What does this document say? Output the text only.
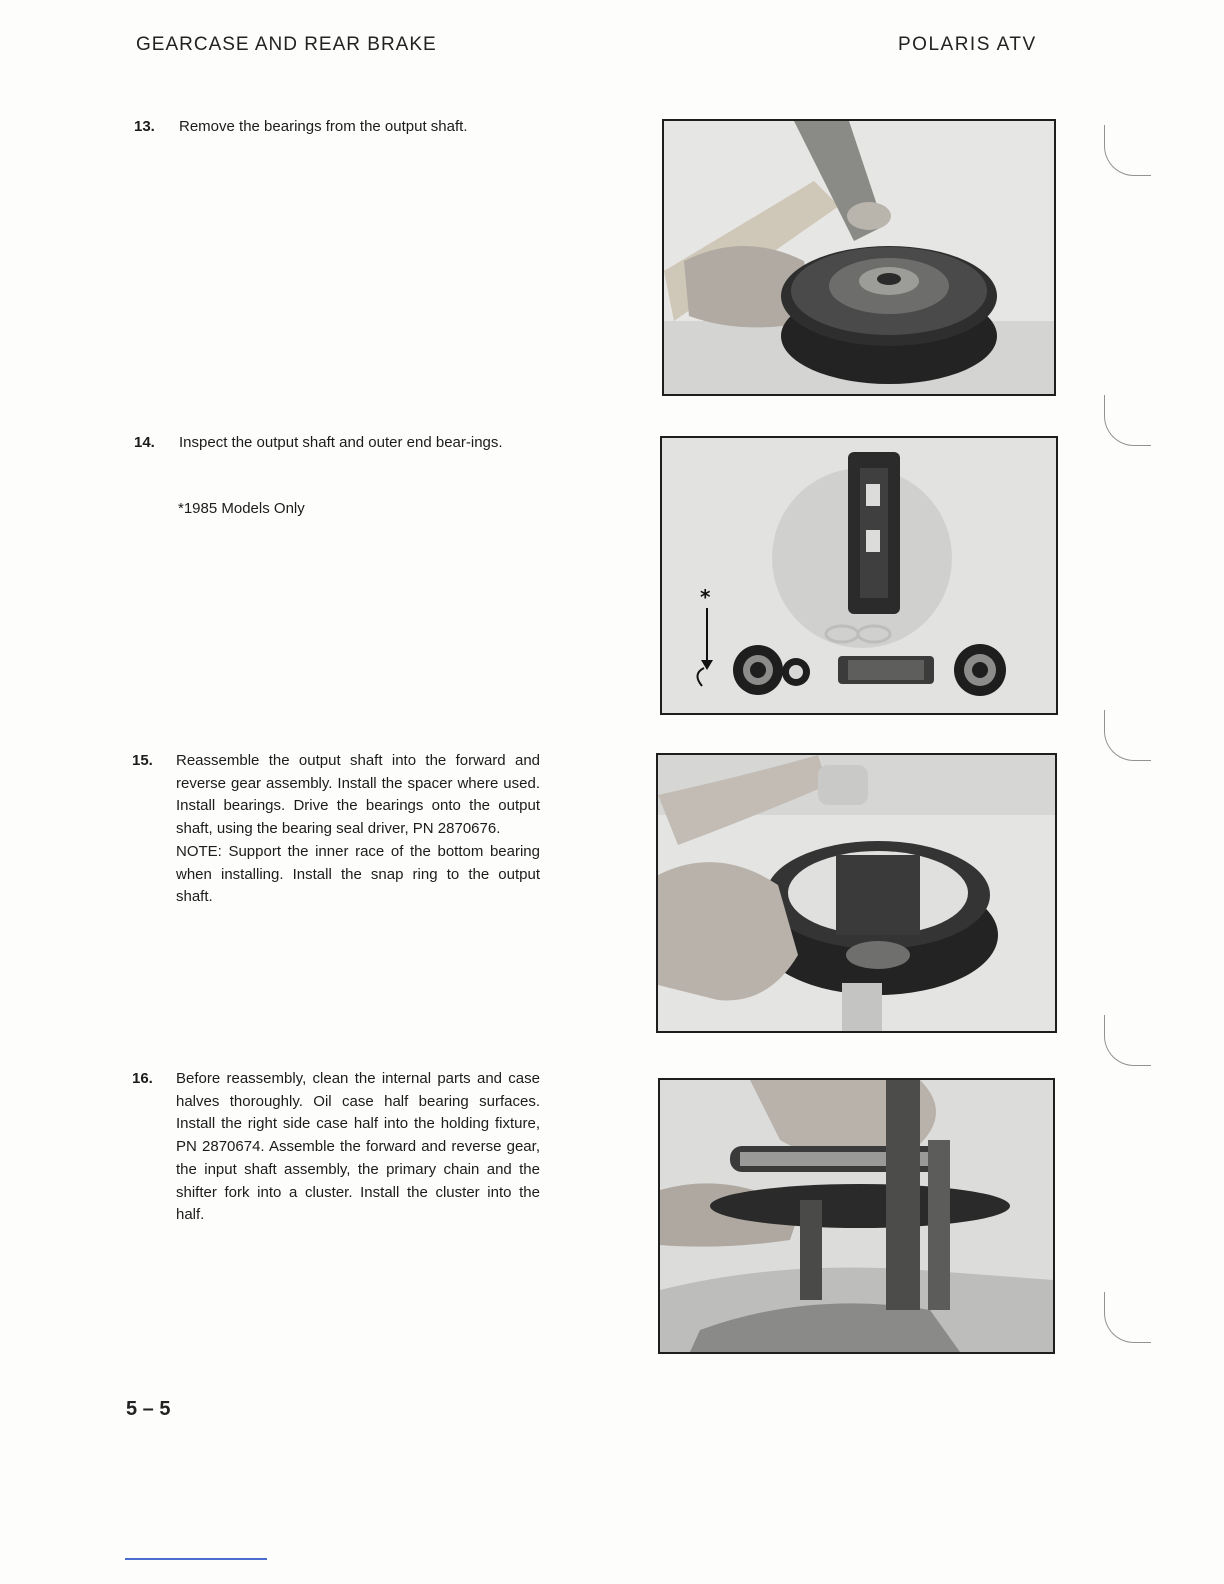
GEARCASE AND REAR BRAKE	POLARIS ATV
13. Remove the bearings from the output shaft.
14. Inspect the output shaft and outer end bear-ings.
*1985 Models Only
*
15. Reassemble the output shaft into the forward and reverse gear assembly. Install the spacer where used. Install bearings. Drive the bearings onto the output shaft, using the bearing seal driver, PN 2870676.
NOTE: Support the inner race of the bottom bearing when installing. Install the snap ring to the output shaft.
16. Before reassembly, clean the internal parts and case halves thoroughly. Oil case half bearing surfaces. Install the right side case half into the holding fixture, PN 2870674. Assemble the forward and reverse gear, the input shaft assembly, the primary chain and the shifter fork into a cluster. Install the cluster into the half.
5 – 5
